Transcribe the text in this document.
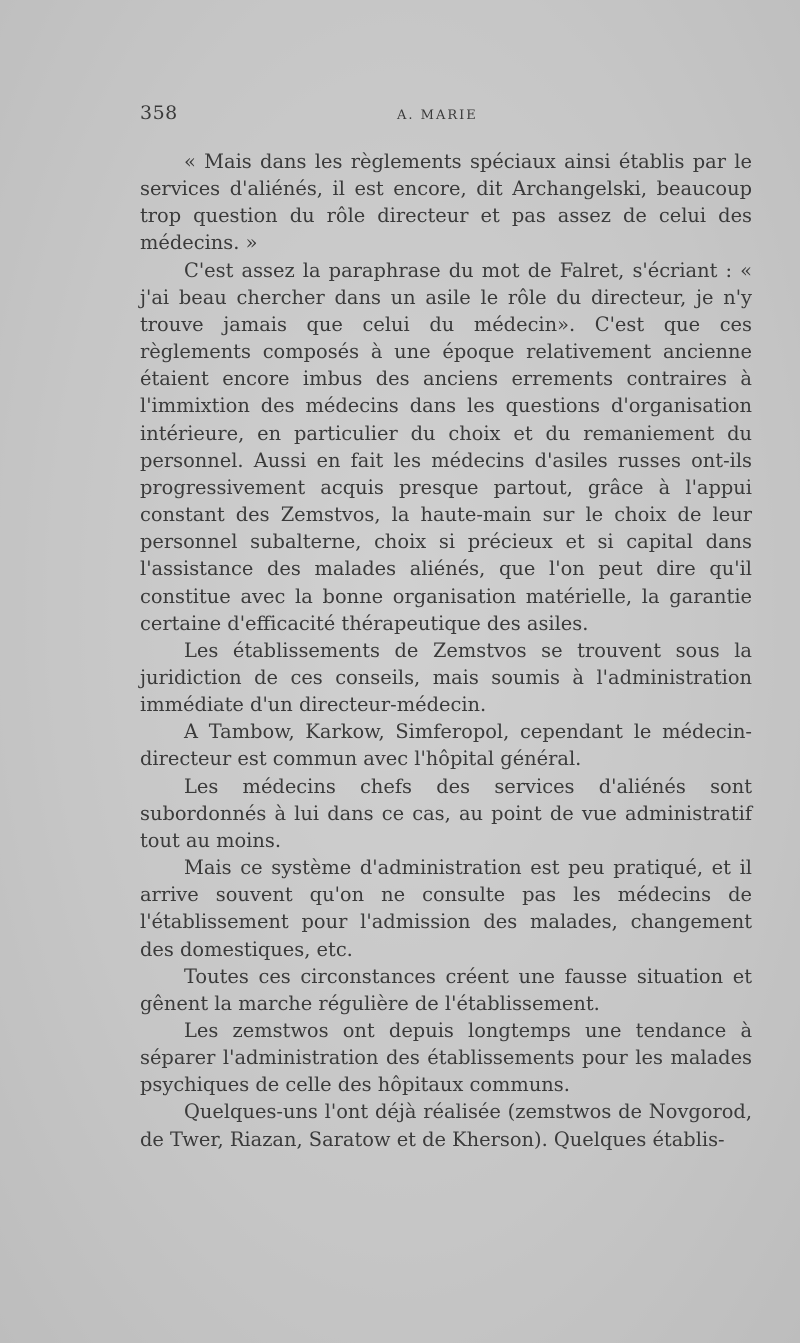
358	A. MARIE

« Mais dans les règlements spéciaux ainsi établis par le services d'aliénés, il est encore, dit Archangelski, beaucoup trop question du rôle directeur et pas assez de celui des médecins. »

C'est assez la paraphrase du mot de Falret, s'écriant : « j'ai beau chercher dans un asile le rôle du directeur, je n'y trouve jamais que celui du médecin». C'est que ces règlements composés à une époque relativement ancienne étaient encore imbus des anciens errements contraires à l'immixtion des médecins dans les questions d'organisation intérieure, en particulier du choix et du remaniement du personnel. Aussi en fait les médecins d'asiles russes ont-ils progressivement acquis presque partout, grâce à l'appui constant des Zemstvos, la haute-main sur le choix de leur personnel subalterne, choix si précieux et si capital dans l'assistance des malades aliénés, que l'on peut dire qu'il constitue avec la bonne organisation matérielle, la garantie certaine d'efficacité thérapeutique des asiles.

Les établissements de Zemstvos se trouvent sous la juridiction de ces conseils, mais soumis à l'administration immédiate d'un directeur-médecin.

A Tambow, Karkow, Simferopol, cependant le médecin-directeur est commun avec l'hôpital général.

Les médecins chefs des services d'aliénés sont subordonnés à lui dans ce cas, au point de vue administratif tout au moins.

Mais ce système d'administration est peu pratiqué, et il arrive souvent qu'on ne consulte pas les médecins de l'établissement pour l'admission des malades, changement des domestiques, etc.

Toutes ces circonstances créent une fausse situation et gênent la marche régulière de l'établissement.

Les zemstwos ont depuis longtemps une tendance à séparer l'administration des établissements pour les malades psychiques de celle des hôpitaux communs.

Quelques-uns l'ont déjà réalisée (zemstwos de Novgorod, de Twer, Riazan, Saratow et de Kherson). Quelques établis-
